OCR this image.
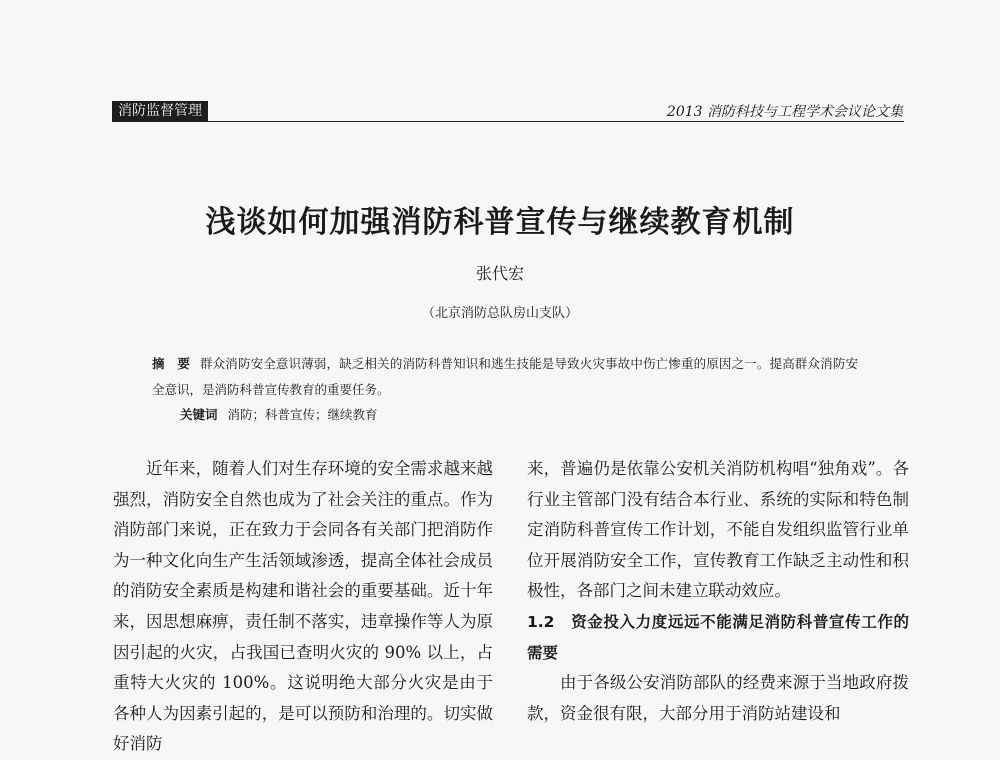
消防监督管理	2013 消防科技与工程学术会议论文集
浅谈如何加强消防科普宣传与继续教育机制
张代宏
（北京消防总队房山支队）
摘　要 群众消防安全意识薄弱，缺乏相关的消防科普知识和逃生技能是导致火灾事故中伤亡惨重的原因之一。提高群众消防安全意识，是消防科普宣传教育的重要任务。
关键词 消防；科普宣传；继续教育

近年来，随着人们对生存环境的安全需求越来越强烈，消防安全自然也成为了社会关注的重点。作为消防部门来说，正在致力于会同各有关部门把消防作为一种文化向生产生活领域渗透，提高全体社会成员的消防安全素质是构建和谐社会的重要基础。近十年来，因思想麻痹，责任制不落实，违章操作等人为原因引起的火灾，占我国已查明火灾的 90% 以上，占重特大火灾的 100%。这说明绝大部分火灾是由于各种人为因素引起的，是可以预防和治理的。切实做好消防

来，普遍仍是依靠公安机关消防机构唱“独角戏”。各行业主管部门没有结合本行业、系统的实际和特色制定消防科普宣传工作计划，不能自发组织监管行业单位开展消防安全工作，宣传教育工作缺乏主动性和积极性，各部门之间未建立联动效应。

1.2　资金投入力度远远不能满足消防科普宣传工作的需要

由于各级公安消防部队的经费来源于当地政府拨款，资金很有限，大部分用于消防站建设和
